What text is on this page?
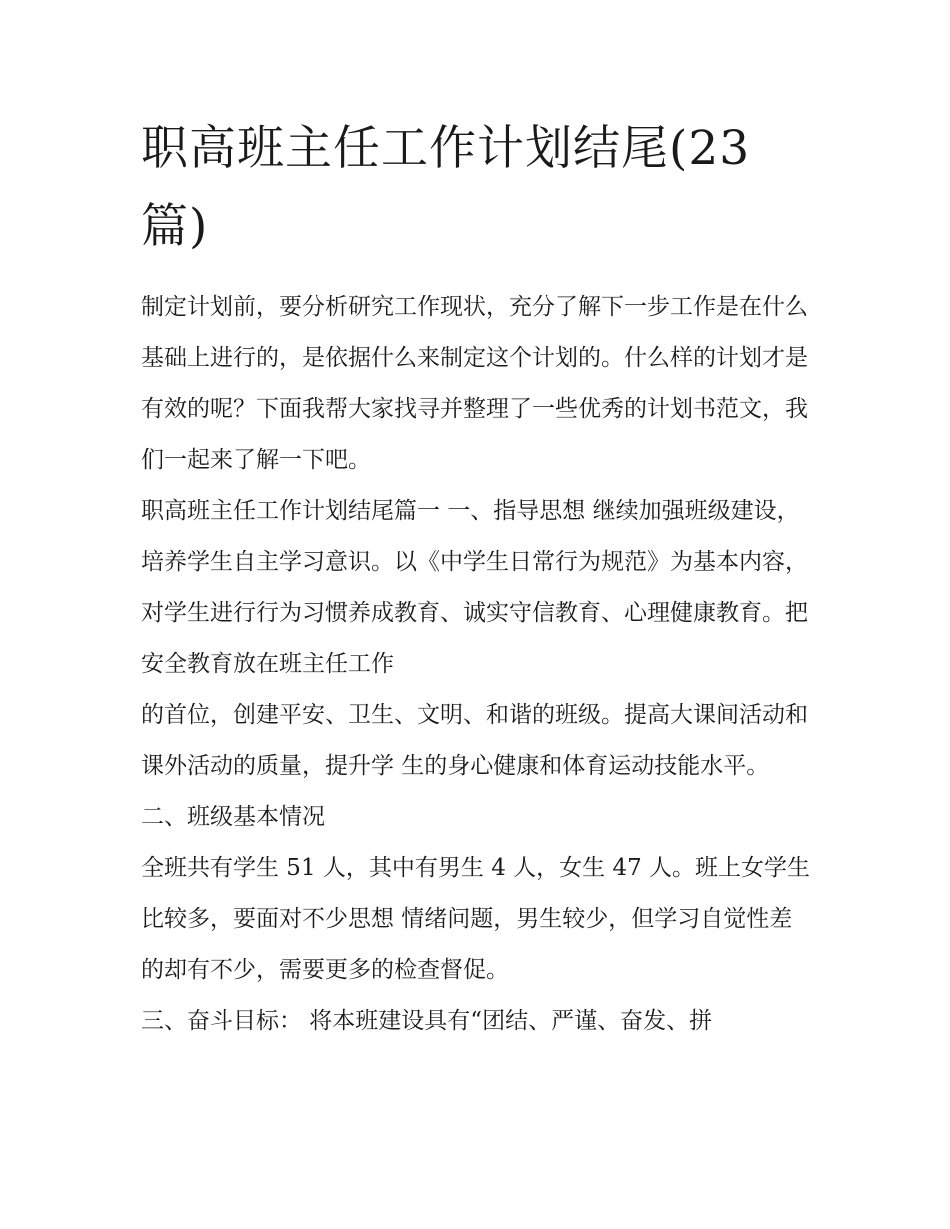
职高班主任工作计划结尾(23篇)

制定计划前，要分析研究工作现状，充分了解下一步工作是在什么基础上进行的，是依据什么来制定这个计划的。什么样的计划才是有效的呢？下面我帮大家找寻并整理了一些优秀的计划书范文，我们一起来了解一下吧。

职高班主任工作计划结尾篇一 一、指导思想 继续加强班级建设，培养学生自主学习意识。以《中学生日常行为规范》为基本内容，

对学生进行行为习惯养成教育、诚实守信教育、心理健康教育。把安全教育放在班主任工作

的首位，创建平安、卫生、文明、和谐的班级。提高大课间活动和课外活动的质量，提升学 生的身心健康和体育运动技能水平。 二、班级基本情况

全班共有学生 51 人，其中有男生 4 人，女生 47 人。班上女学生比较多，要面对不少思想 情绪问题，男生较少，但学习自觉性差的却有不少，需要更多的检查督促。

三、奋斗目标： 将本班建设具有“团结、严谨、奋发、拼
